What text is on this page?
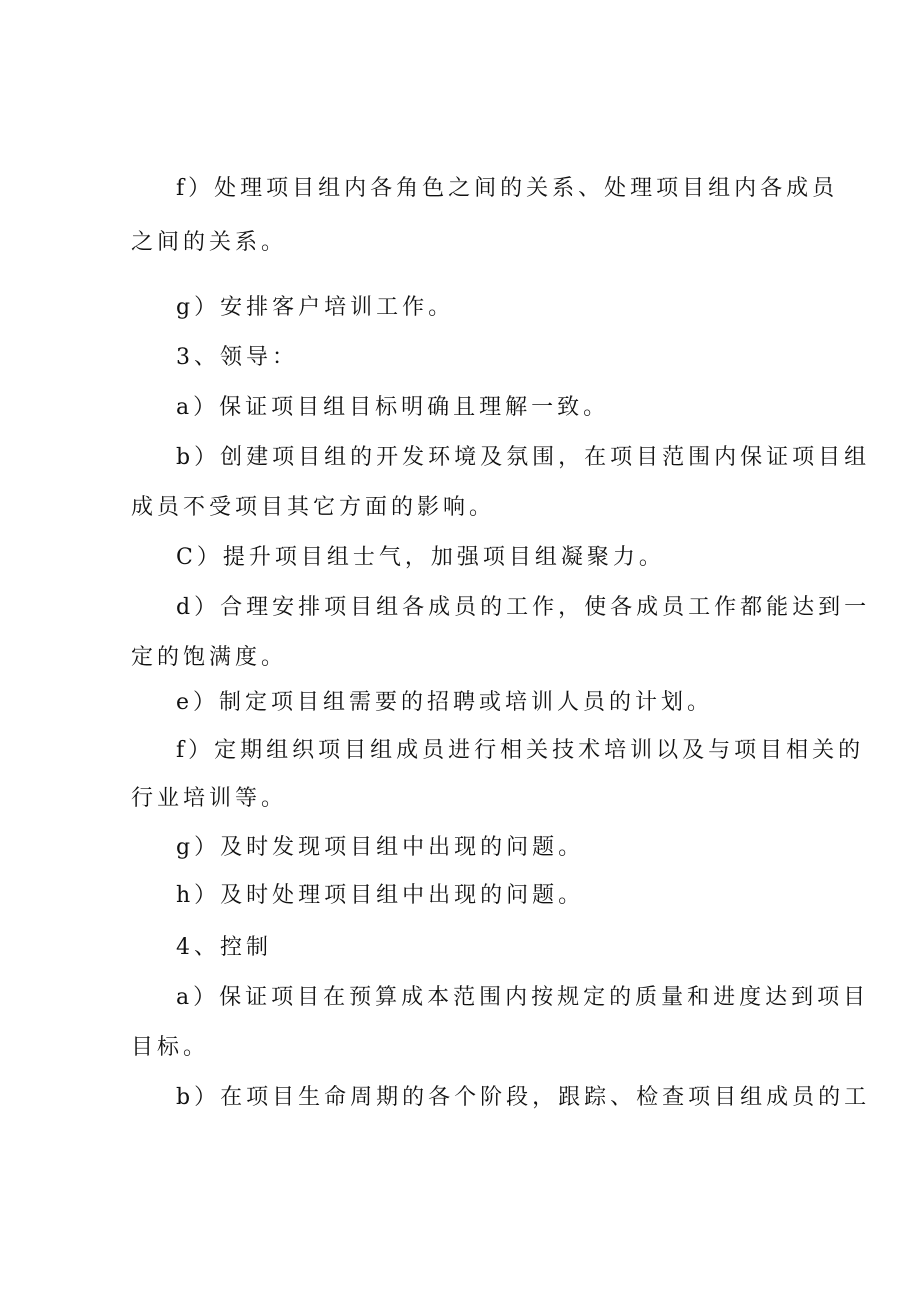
f）处理项目组内各角色之间的关系、处理项目组内各成员
之间的关系。
g）安排客户培训工作。
3、领导：
a）保证项目组目标明确且理解一致。
b）创建项目组的开发环境及氛围，在项目范围内保证项目组
成员不受项目其它方面的影响。
C）提升项目组士气，加强项目组凝聚力。
d）合理安排项目组各成员的工作，使各成员工作都能达到一
定的饱满度。
e）制定项目组需要的招聘或培训人员的计划。
f）定期组织项目组成员进行相关技术培训以及与项目相关的
行业培训等。
g）及时发现项目组中出现的问题。
h）及时处理项目组中出现的问题。
4、控制
a）保证项目在预算成本范围内按规定的质量和进度达到项目
目标。
b）在项目生命周期的各个阶段，跟踪、检查项目组成员的工
